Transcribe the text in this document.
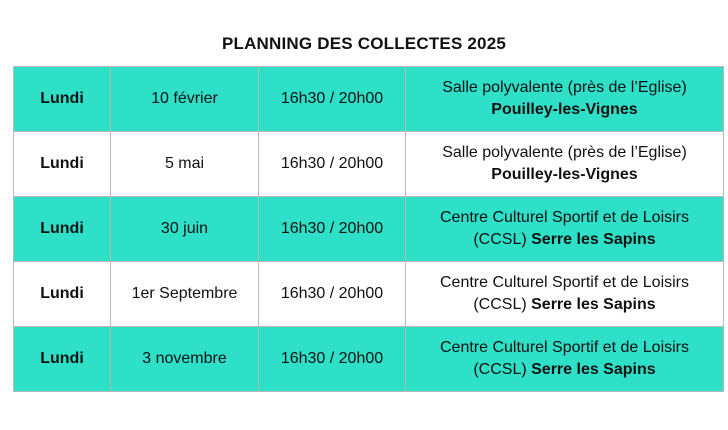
PLANNING DES COLLECTES 2025
Lundi	10 février	16h30 / 20h00	Salle polyvalente (près de l’Eglise)
Pouilley-les-Vignes

Lundi	5 mai	16h30 / 20h00	Salle polyvalente (près de l’Eglise)
Pouilley-les-Vignes

Lundi	30 juin	16h30 / 20h00	Centre Culturel Sportif et de Loisirs
(CCSL) Serre les Sapins

Lundi	1er Septembre	16h30 / 20h00	Centre Culturel Sportif et de Loisirs
(CCSL) Serre les Sapins

Lundi	3 novembre	16h30 / 20h00	Centre Culturel Sportif et de Loisirs
(CCSL) Serre les Sapins
